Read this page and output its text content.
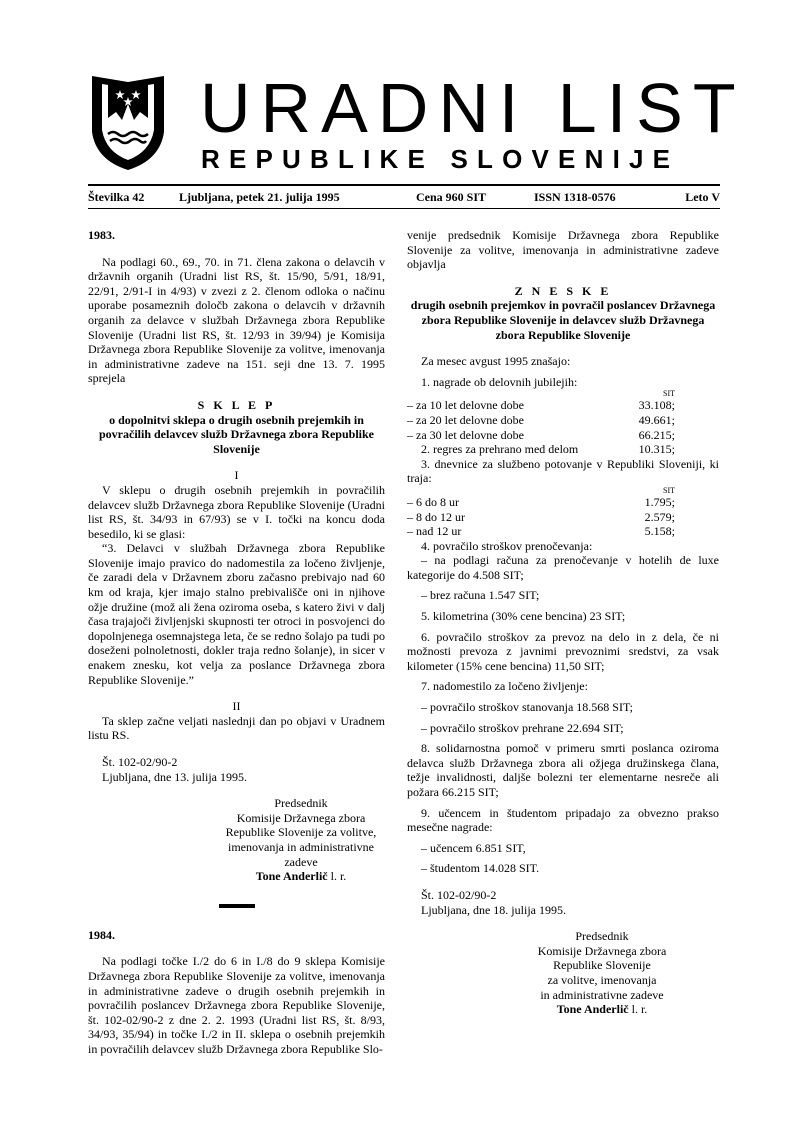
URADNI LIST
REPUBLIKE SLOVENIJE
Številka 42	Ljubljana, petek 21. julija 1995	Cena 960 SIT	ISSN 1318-0576	Leto V

1983.

Na podlagi 60., 69., 70. in 71. člena zakona o delavcih v državnih organih (Uradni list RS, št. 15/90, 5/91, 18/91, 22/91, 2/91-I in 4/93) v zvezi z 2. členom odloka o načinu uporabe posameznih določb zakona o delavcih v državnih organih za delavce v službah Državnega zbora Republike Slovenije (Uradni list RS, št. 12/93 in 39/94) je Komisija Državnega zbora Republike Slovenije za volitve, imenovanja in administrativne zadeve na 151. seji dne 13. 7. 1995 sprejela

S K L E P

o dopolnitvi sklepa o drugih osebnih prejemkih in povračilih delavcev služb Državnega zbora Republike Slovenije

I

V sklepu o drugih osebnih prejemkih in povračilih delavcev služb Državnega zbora Republike Slovenije (Uradni list RS, št. 34/93 in 67/93) se v I. točki na koncu doda besedilo, ki se glasi:

“3. Delavci v službah Državnega zbora Republike Slovenije imajo pravico do nadomestila za ločeno življenje, če zaradi dela v Državnem zboru začasno prebivajo nad 60 km od kraja, kjer imajo stalno prebivališče oni in njihove ožje družine (mož ali žena oziroma oseba, s katero živi v dalj časa trajajoči življenjski skupnosti ter otroci in posvojenci do dopolnjenega osemnajstega leta, če se redno šolajo pa tudi po doseženi polnoletnosti, dokler traja redno šolanje), in sicer v enakem znesku, kot velja za poslance Državnega zbora Republike Slovenije.”

II

Ta sklep začne veljati naslednji dan po objavi v Uradnem listu RS.

Št. 102-02/90-2

Ljubljana, dne 13. julija 1995.

Predsednik

Komisije Državnega zbora

Republike Slovenije za volitve,

imenovanja in administrativne

zadeve

Tone Anderlič l. r.

1984.

Na podlagi točke I./2 do 6 in I./8 do 9 sklepa Komisije Državnega zbora Republike Slovenije za volitve, imenovanja in administrativne zadeve o drugih osebnih prejemkih in povračilih poslancev Državnega zbora Republike Slovenije, št. 102-02/90-2 z dne 2. 2. 1993 (Uradni list RS, št. 8/93, 34/93, 35/94) in točke I./2 in II. sklepa o osebnih prejemkih in povračilih delavcev služb Državnega zbora Republike Slo-

venije predsednik Komisije Državnega zbora Republike Slovenije za volitve, imenovanja in administrativne zadeve objavlja

Z N E S K E

drugih osebnih prejemkov in povračil poslancev Državnega zbora Republike Slovenije in delavcev služb Državnega zbora Republike Slovenije

Za mesec avgust 1995 znašajo:

1. nagrade ob delovnih jubilejih:

SIT
– za 10 let delovne dobe	33.108;
– za 20 let delovne dobe	49.661;
– za 30 let delovne dobe	66.215;
2. regres za prehrano med delom	10.315;

3. dnevnice za službeno potovanje v Republiki Sloveniji, ki traja:

SIT
– 6 do 8 ur	1.795;
– 8 do 12 ur	2.579;
– nad 12 ur	5.158;

4. povračilo stroškov prenočevanja:

– na podlagi računa za prenočevanje v hotelih de luxe kategorije do 4.508 SIT;

– brez računa 1.547 SIT;

5. kilometrina (30% cene bencina) 23 SIT;

6. povračilo stroškov za prevoz na delo in z dela, če ni možnosti prevoza z javnimi prevoznimi sredstvi, za vsak kilometer (15% cene bencina) 11,50 SIT;

7. nadomestilo za ločeno življenje:

– povračilo stroškov stanovanja 18.568 SIT;

– povračilo stroškov prehrane 22.694 SIT;

8. solidarnostna pomoč v primeru smrti poslanca oziroma delavca služb Državnega zbora ali ožjega družinskega člana, težje invalidnosti, daljše bolezni ter elementarne nesreče ali požara 66.215 SIT;

9. učencem in študentom pripadajo za obvezno prakso mesečne nagrade:

– učencem 6.851 SIT,

– študentom 14.028 SIT.

Št. 102-02/90-2

Ljubljana, dne 18. julija 1995.

Predsednik

Komisije Državnega zbora

Republike Slovenije

za volitve, imenovanja

in administrativne zadeve

Tone Anderlič l. r.
